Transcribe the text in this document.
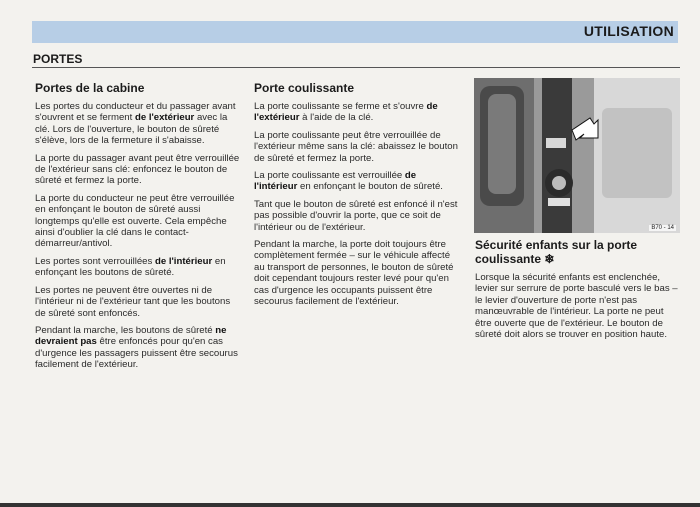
UTILISATION
PORTES
Portes de la cabine

Les portes du conducteur et du passager avant s'ouvrent et se ferment de l'extérieur avec la clé. Lors de l'ouverture, le bouton de sûreté s'élève, lors de la fermeture il s'abaisse.

La porte du passager avant peut être verrouillée de l'extérieur sans clé: enfoncez le bouton de sûreté et fermez la porte.

La porte du conducteur ne peut être verrouillée en enfonçant le bouton de sûreté aussi longtemps qu'elle est ouverte. Cela empêche ainsi d'oublier la clé dans le contact-démarreur/antivol.

Les portes sont verrouillées de l'intérieur en enfonçant les boutons de sûreté.

Les portes ne peuvent être ouvertes ni de l'intérieur ni de l'extérieur tant que les boutons de sûreté sont enfoncés.

Pendant la marche, les boutons de sûreté ne devraient pas être enfoncés pour qu'en cas d'urgence les passagers puissent être secourus facilement de l'extérieur.

Porte coulissante

La porte coulissante se ferme et s'ouvre de l'extérieur à l'aide de la clé.

La porte coulissante peut être verrouillée de l'extérieur même sans la clé: abaissez le bouton de sûreté et fermez la porte.

La porte coulissante est verrouillée de l'intérieur en enfonçant le bouton de sûreté.

Tant que le bouton de sûreté est enfoncé il n'est pas possible d'ouvrir la porte, que ce soit de l'intérieur ou de l'extérieur.

Pendant la marche, la porte doit toujours être complètement fermée – sur le véhicule affecté au transport de personnes, le bouton de sûreté doit cependant toujours rester levé pour qu'en cas d'urgence les occupants puissent être secourus facilement de l'extérieur.

B70 - 14
Sécurité enfants sur la porte coulissante ❄

Lorsque la sécurité enfants est enclenchée, levier sur serrure de porte basculé vers le bas – le levier d'ouverture de porte n'est pas manœuvrable de l'intérieur. La porte ne peut être ouverte que de l'extérieur. Le bouton de sûreté doit alors se trouver en position haute.
